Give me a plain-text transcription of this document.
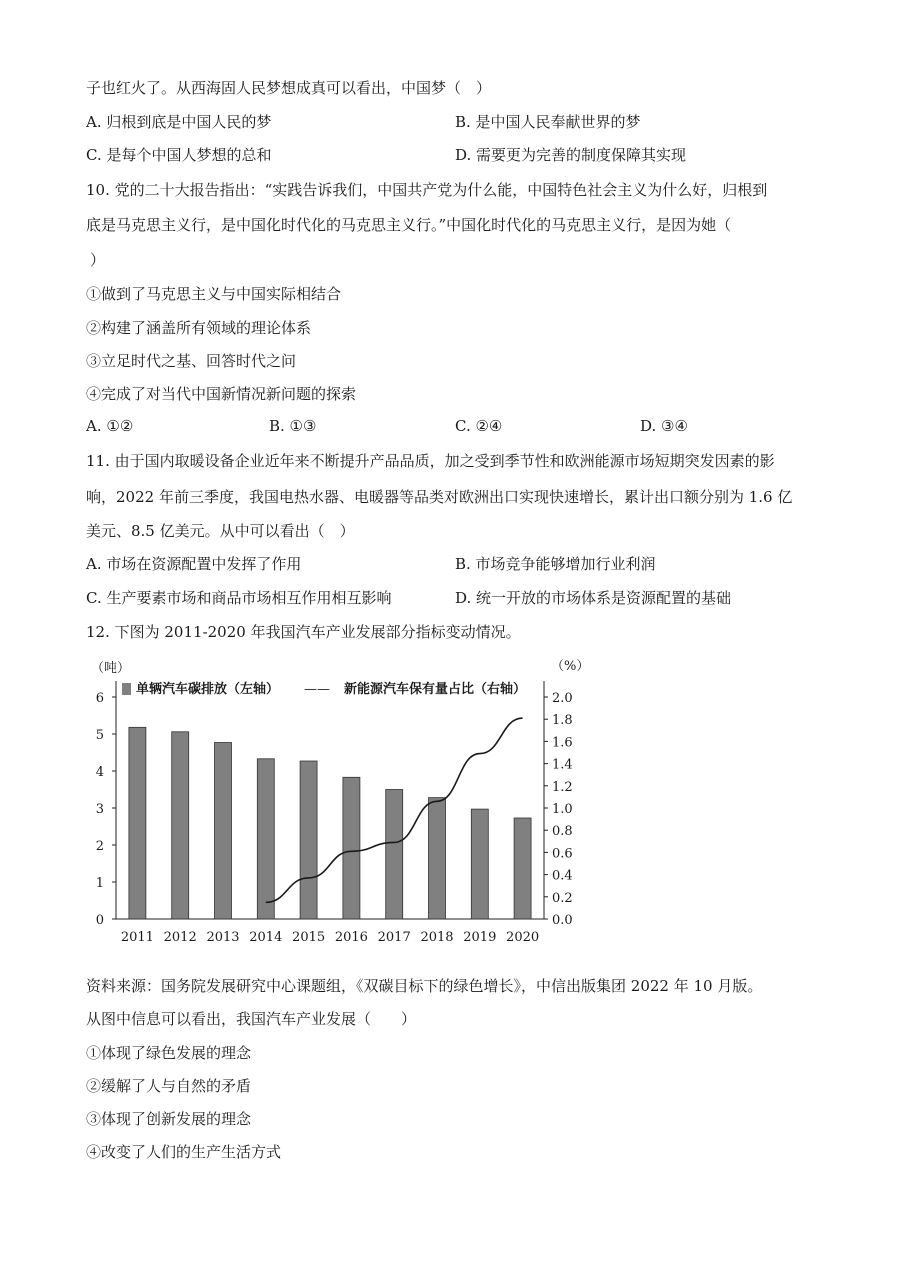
子也红火了。从西海固人民梦想成真可以看出，中国梦（　）
A. 归根到底是中国人民的梦	B. 是中国人民奉献世界的梦
C. 是每个中国人梦想的总和	D. 需要更为完善的制度保障其实现
10. 党的二十大报告指出：“实践告诉我们，中国共产党为什么能，中国特色社会主义为什么好，归根到
底是马克思主义行，是中国化时代化的马克思主义行。”中国化时代化的马克思主义行，是因为她（
）
①做到了马克思主义与中国实际相结合
②构建了涵盖所有领域的理论体系
③立足时代之基、回答时代之问
④完成了对当代中国新情况新问题的探索
A. ①②	B. ①③	C. ②④	D. ③④
11. 由于国内取暖设备企业近年来不断提升产品品质，加之受到季节性和欧洲能源市场短期突发因素的影
响，2022 年前三季度，我国电热水器、电暖器等品类对欧洲出口实现快速增长，累计出口额分别为 1.6 亿
美元、8.5 亿美元。从中可以看出（　）
A. 市场在资源配置中发挥了作用	B. 市场竞争能够增加行业利润
C. 生产要素市场和商品市场相互作用相互影响	D. 统一开放的市场体系是资源配置的基础
12. 下图为 2011-2020 年我国汽车产业发展部分指标变动情况。
（吨）	（%）
单辆汽车碳排放（左轴） —— 新能源汽车保有量占比（右轴）
0
1
2
3
4
5
6
0.0
0.2
0.4
0.6
0.8
1.0
1.2
1.4
1.6
1.8
2.0
2011 2012 2013 2014 2015 2016 2017 2018 2019 2020
资料来源：国务院发展研究中心课题组，《双碳目标下的绿色增长》，中信出版集团 2022 年 10 月版。
从图中信息可以看出，我国汽车产业发展（　　）
①体现了绿色发展的理念
②缓解了人与自然的矛盾
③体现了创新发展的理念
④改变了人们的生产生活方式
